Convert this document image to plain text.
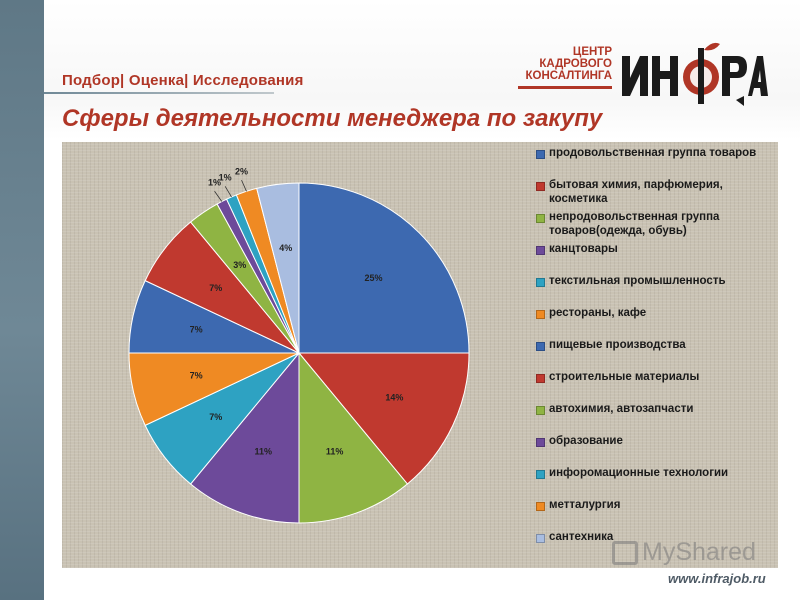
Подбор| Оценка| Исследования
Сферы деятельности менеджера по закупу
ЦЕНТР
КАДРОВОГО
КОНСАЛТИНГА
25%
14%
11%
11%
7%
7%
7%
7%
3%
1%
1%
2%
4%
продовольственная группа товаров
бытовая химия, парфюмерия, косметика
непродовольственная группа товаров(одежда, обувь)
канцтовары
текстильная промышленность
рестораны, кафе
пищевые производства
строительные материалы
автохимия, автозапчасти
образование
инфоромационные технологии
метталургия
сантехника
MyShared
www.infrajob.ru
